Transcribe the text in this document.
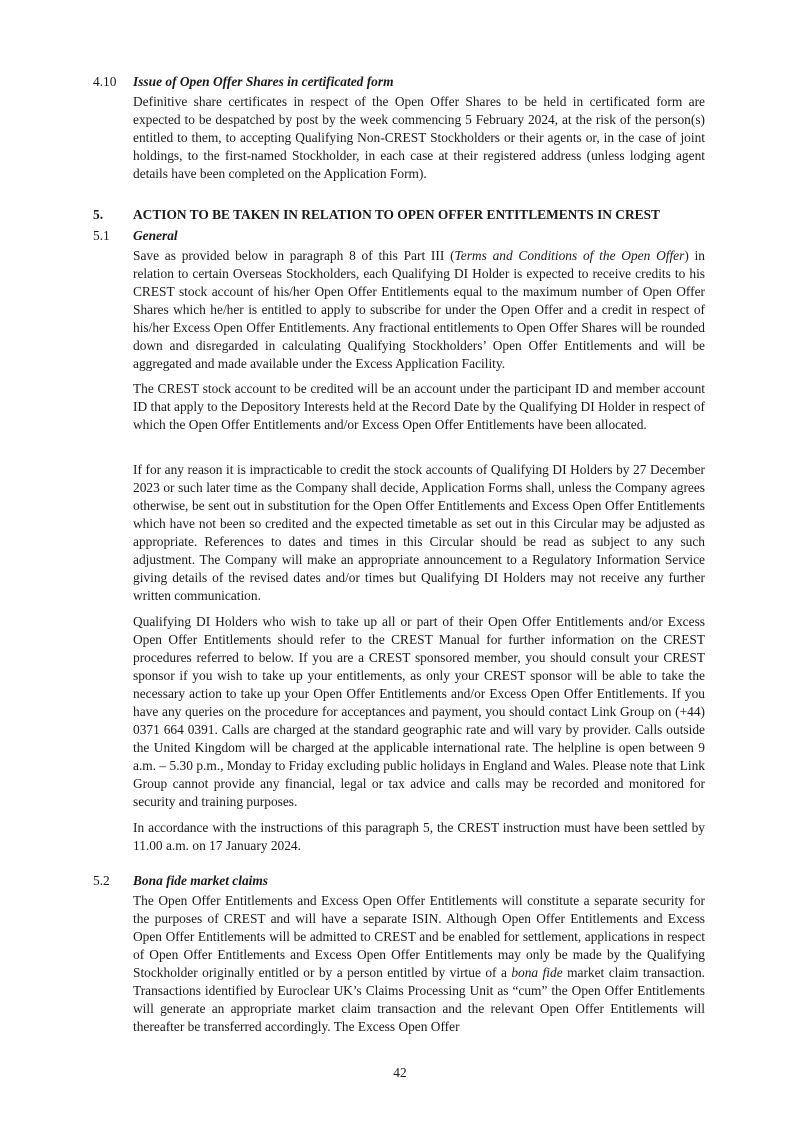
4.10 Issue of Open Offer Shares in certificated form
Definitive share certificates in respect of the Open Offer Shares to be held in certificated form are expected to be despatched by post by the week commencing 5 February 2024, at the risk of the person(s) entitled to them, to accepting Qualifying Non-CREST Stockholders or their agents or, in the case of joint holdings, to the first-named Stockholder, in each case at their registered address (unless lodging agent details have been completed on the Application Form).
5. ACTION TO BE TAKEN IN RELATION TO OPEN OFFER ENTITLEMENTS IN CREST
5.1 General
Save as provided below in paragraph 8 of this Part III (Terms and Conditions of the Open Offer) in relation to certain Overseas Stockholders, each Qualifying DI Holder is expected to receive credits to his CREST stock account of his/her Open Offer Entitlements equal to the maximum number of Open Offer Shares which he/her is entitled to apply to subscribe for under the Open Offer and a credit in respect of his/her Excess Open Offer Entitlements. Any fractional entitlements to Open Offer Shares will be rounded down and disregarded in calculating Qualifying Stockholders’ Open Offer Entitlements and will be aggregated and made available under the Excess Application Facility.
The CREST stock account to be credited will be an account under the participant ID and member account ID that apply to the Depository Interests held at the Record Date by the Qualifying DI Holder in respect of which the Open Offer Entitlements and/or Excess Open Offer Entitlements have been allocated.
If for any reason it is impracticable to credit the stock accounts of Qualifying DI Holders by 27 December 2023 or such later time as the Company shall decide, Application Forms shall, unless the Company agrees otherwise, be sent out in substitution for the Open Offer Entitlements and Excess Open Offer Entitlements which have not been so credited and the expected timetable as set out in this Circular may be adjusted as appropriate. References to dates and times in this Circular should be read as subject to any such adjustment. The Company will make an appropriate announcement to a Regulatory Information Service giving details of the revised dates and/or times but Qualifying DI Holders may not receive any further written communication.
Qualifying DI Holders who wish to take up all or part of their Open Offer Entitlements and/or Excess Open Offer Entitlements should refer to the CREST Manual for further information on the CREST procedures referred to below. If you are a CREST sponsored member, you should consult your CREST sponsor if you wish to take up your entitlements, as only your CREST sponsor will be able to take the necessary action to take up your Open Offer Entitlements and/or Excess Open Offer Entitlements. If you have any queries on the procedure for acceptances and payment, you should contact Link Group on (+44) 0371 664 0391. Calls are charged at the standard geographic rate and will vary by provider. Calls outside the United Kingdom will be charged at the applicable international rate. The helpline is open between 9 a.m. – 5.30 p.m., Monday to Friday excluding public holidays in England and Wales. Please note that Link Group cannot provide any financial, legal or tax advice and calls may be recorded and monitored for security and training purposes.
In accordance with the instructions of this paragraph 5, the CREST instruction must have been settled by 11.00 a.m. on 17 January 2024.
5.2 Bona fide market claims
The Open Offer Entitlements and Excess Open Offer Entitlements will constitute a separate security for the purposes of CREST and will have a separate ISIN. Although Open Offer Entitlements and Excess Open Offer Entitlements will be admitted to CREST and be enabled for settlement, applications in respect of Open Offer Entitlements and Excess Open Offer Entitlements may only be made by the Qualifying Stockholder originally entitled or by a person entitled by virtue of a bona fide market claim transaction. Transactions identified by Euroclear UK’s Claims Processing Unit as “cum” the Open Offer Entitlements will generate an appropriate market claim transaction and the relevant Open Offer Entitlements will thereafter be transferred accordingly. The Excess Open Offer
42
